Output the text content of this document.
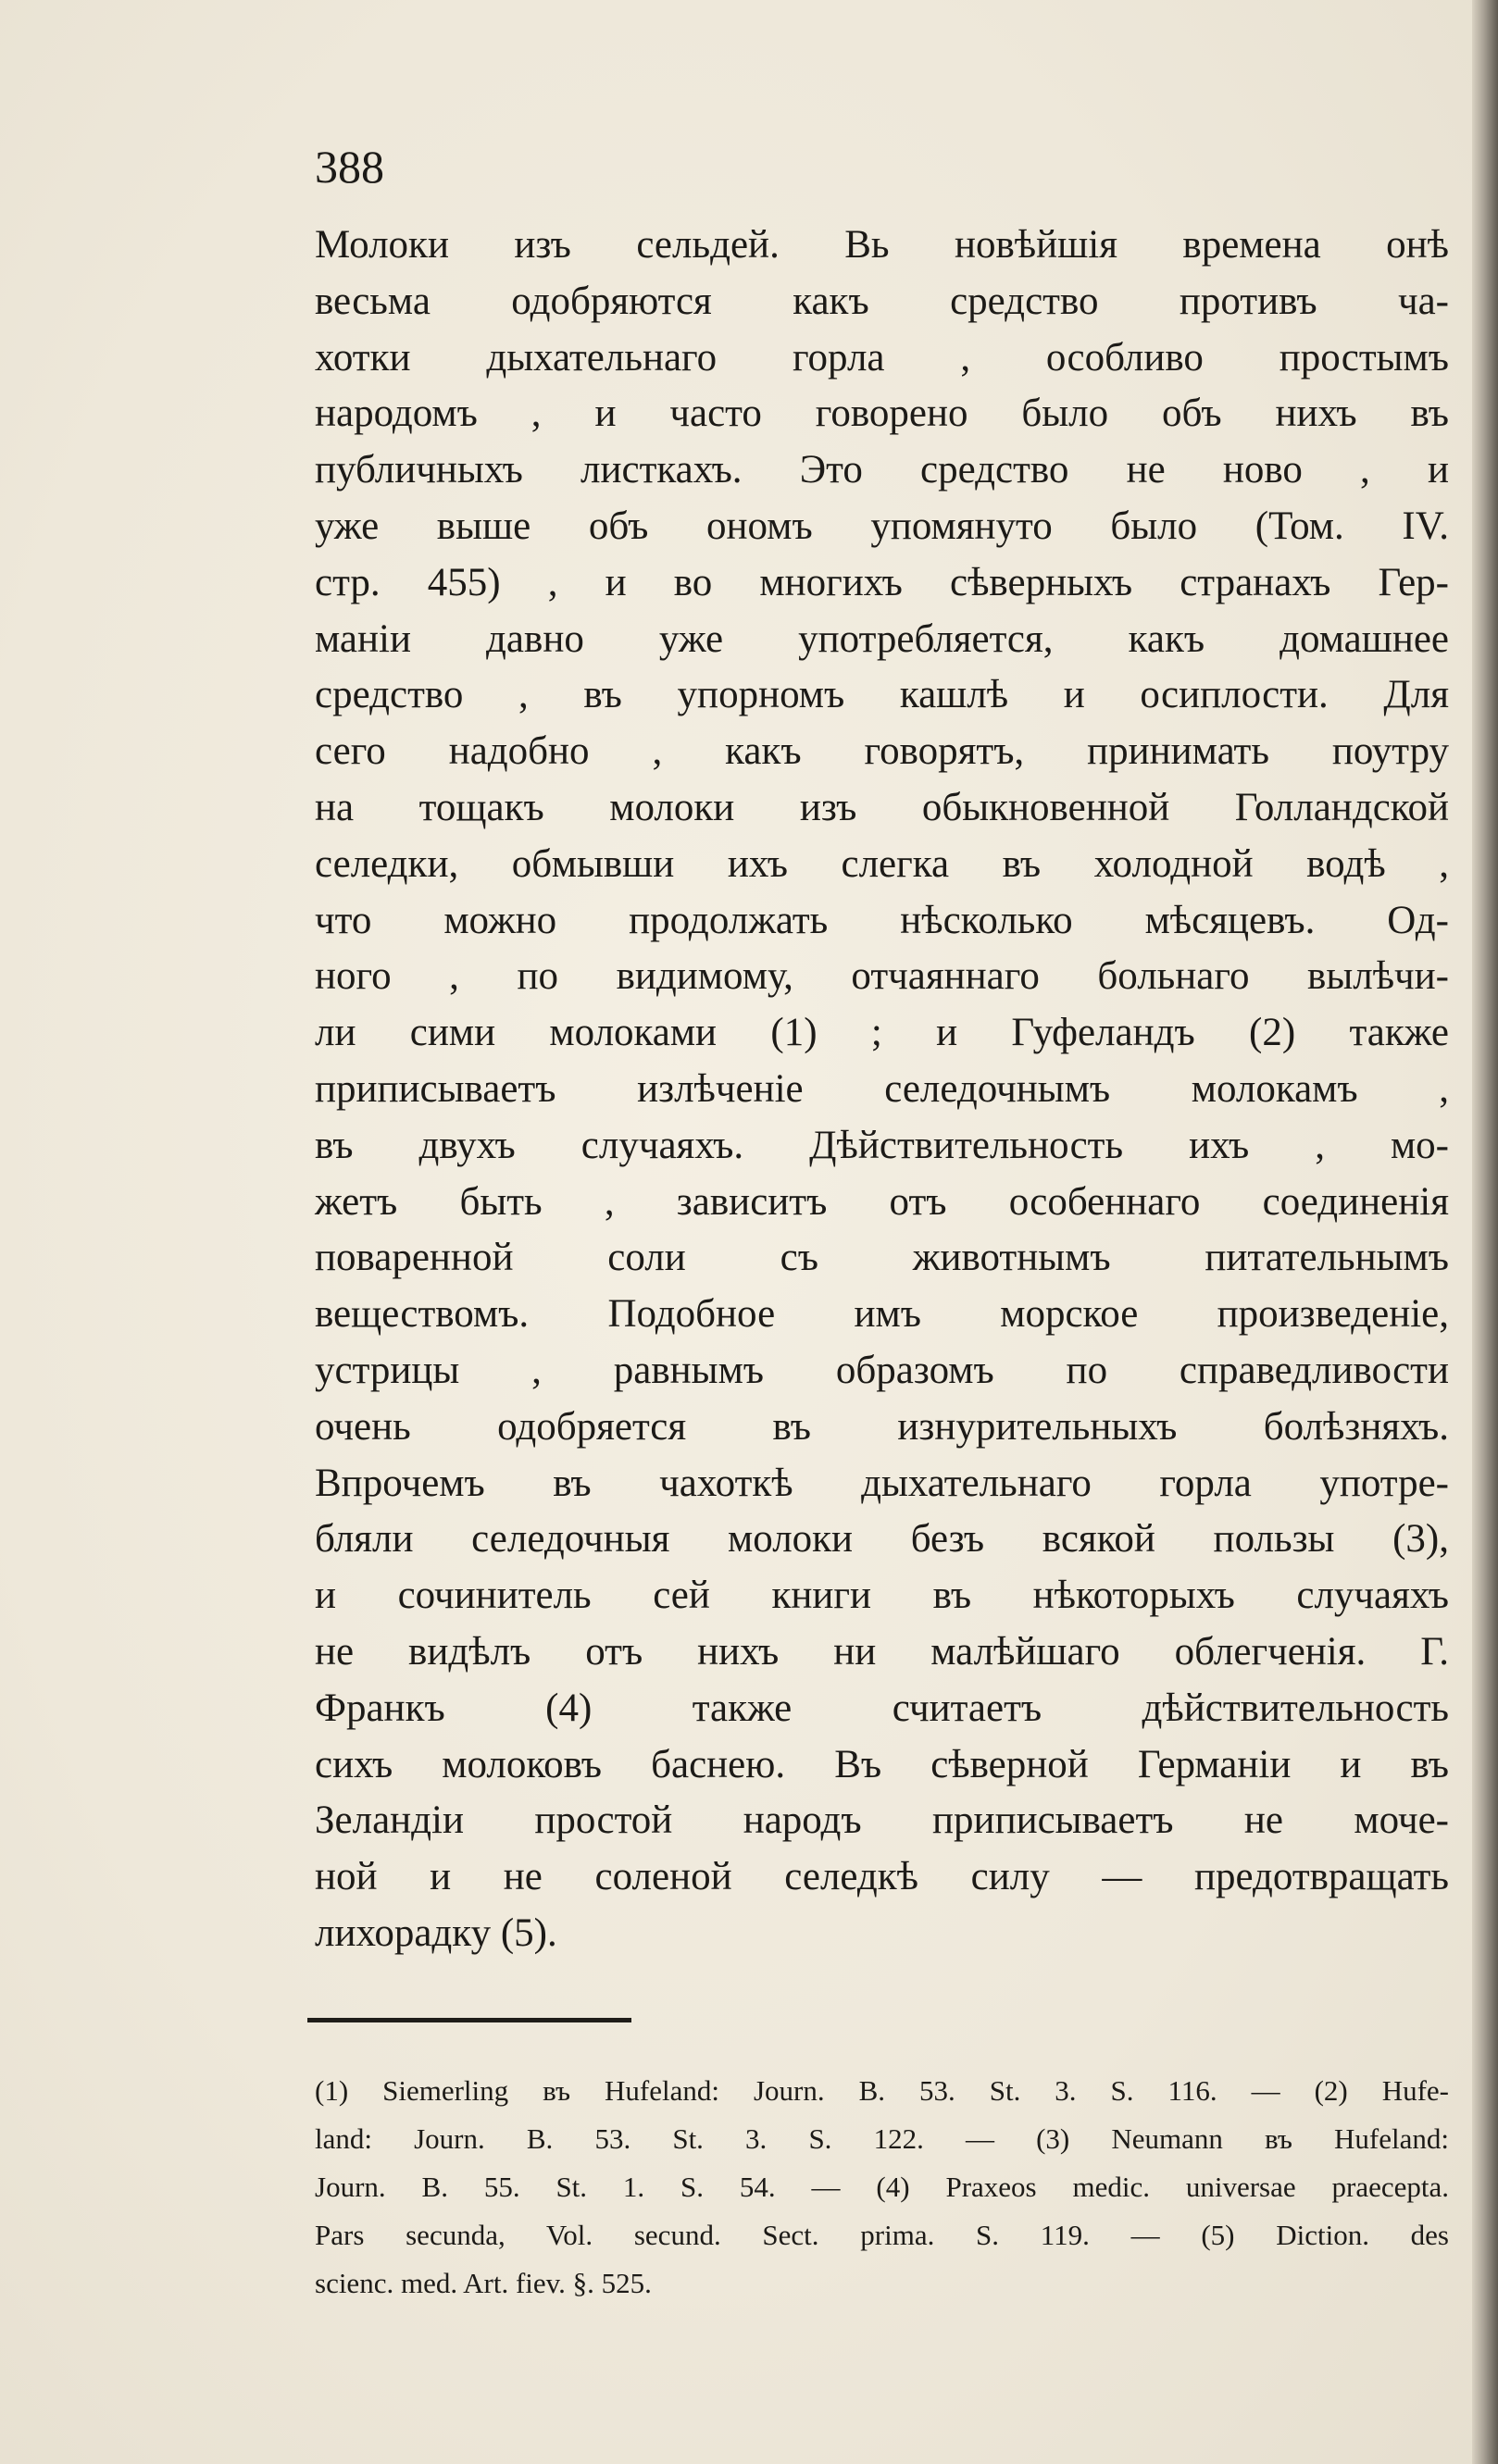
388
Молоки изъ сельдей. Вь новѣйшія времена онѣ
весьма одобряются какъ средство противъ ча-
хотки дыхательнаго горла , особливо простымъ
народомъ , и часто говорено было объ нихъ въ
публичныхъ листкахъ. Это средство не ново , и
уже выше объ ономъ упомянуто было (Том. IV.
стр. 455) , и во многихъ сѣверныхъ странахъ Гер-
маніи давно уже употребляется, какъ домашнее
средство , въ упорномъ кашлѣ и осиплости. Для
сего надобно , какъ говорятъ, принимать поутру
на тощакъ молоки изъ обыкновенной Голландской
селедки, обмывши ихъ слегка въ холодной водѣ ,
что можно продолжать нѣсколько мѣсяцевъ. Од-
ного , по видимому, отчаяннаго больнаго вылѣчи-
ли сими молоками (1) ; и Гуфеландъ (2) также
приписываетъ излѣченіе селедочнымъ молокамъ ,
въ двухъ случаяхъ. Дѣйствительность ихъ , мо-
жетъ быть , зависитъ отъ особеннаго соединенія
поваренной соли съ животнымъ питательнымъ
веществомъ. Подобное имъ морское произведеніе,
устрицы , равнымъ образомъ по справедливости
очень одобряется въ изнурительныхъ болѣзняхъ.
Впрочемъ въ чахоткѣ дыхательнаго горла употре-
бляли селедочныя молоки безъ всякой пользы (3),
и сочинитель сей книги въ нѣкоторыхъ случаяхъ
не видѣлъ отъ нихъ ни малѣйшаго облегченія. Г.
Франкъ (4) также считаетъ дѣйствительность
сихъ молоковъ баснею. Въ сѣверной Германіи и въ
Зеландіи простой народъ приписываетъ не моче-
ной и не соленой селедкѣ силу — предотвращать
лихорадку (5).
(1) Siemerling въ Hufeland: Journ. B. 53. St. 3. S. 116. — (2) Hufe-
land: Journ. B. 53. St. 3. S. 122. — (3) Neumann въ Hufeland:
Journ. B. 55. St. 1. S. 54. — (4) Praxeos medic. universae praecepta.
Pars secunda, Vol. secund. Sect. prima. S. 119. — (5) Diction. des
scienc. med. Art. fiev. §. 525.
